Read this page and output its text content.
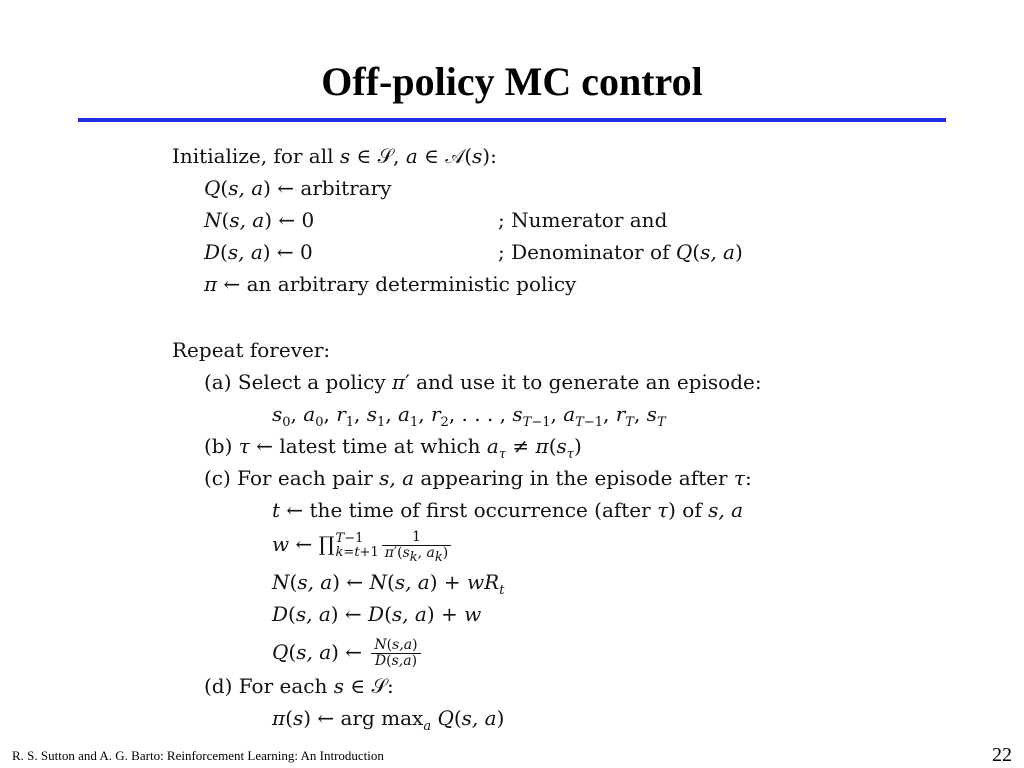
Off-policy MC control
Initialize, for all s ∈ 𝒮, a ∈ 𝒜(s):
Q(s, a) ← arbitrary
N(s, a) ← 0	; Numerator and
D(s, a) ← 0	; Denominator of Q(s, a)
π ← an arbitrary deterministic policy
Repeat forever:
(a) Select a policy π′ and use it to generate an episode:
$s_0$, $a_0$, $r_1$, $s_1$, $a_1$, $r_2$, . . . , $s_{T-1}$, $a_{T-1}$, $r_T$, $s_T$
(b) τ ← latest time at which $a_\tau \ne \pi(s_\tau)$
(c) For each pair s, a appearing in the episode after τ:
t ← the time of first occurrence (after τ) of s, a
w ← ∏ T−1
$k=t+1 \frac{1}{\pi'(s_k, a_k)}$
N(s, a) ← N(s, $a) + wR_t$
D(s, a) ← D(s, a) + w
Q(s, a) ← $\frac{N(s,a)}{D(s,a)}$
(d) For each s ∈ 𝒮:
π(s) ← arg $\max_a Q(s$, a)
R. S. Sutton and A. G. Barto: Reinforcement Learning: An Introduction	22
